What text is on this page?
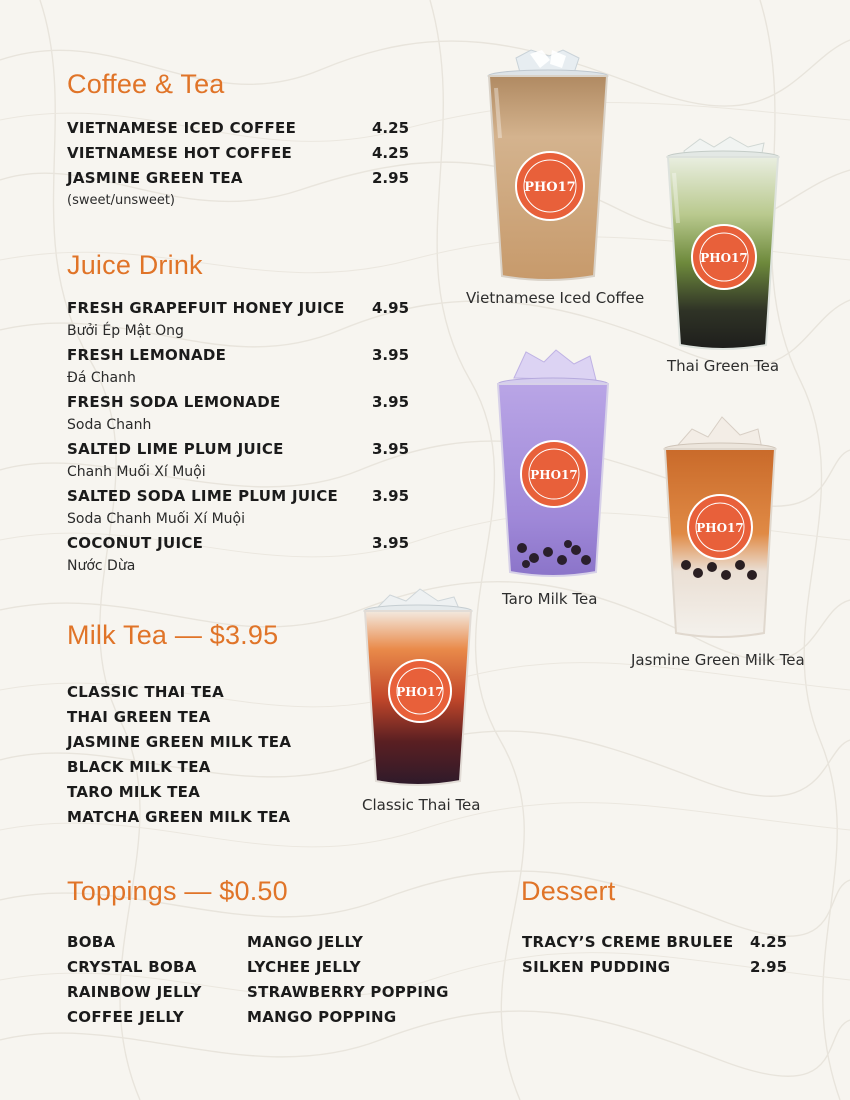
Coffee & Tea
VIETNAMESE ICED COFFEE	4.25
VIETNAMESE HOT COFFEE	4.25
JASMINE GREEN TEA	2.95
(sweet/unsweet)
Juice Drink
FRESH GRAPEFUIT HONEY JUICE 4.95
Bưởi Ép Mật Ong
FRESH LEMONADE	3.95
Đá Chanh
FRESH SODA LEMONADE	3.95
Soda Chanh
SALTED LIME PLUM JUICE	3.95
Chanh Muối Xí Muội
SALTED SODA LIME PLUM JUICE 3.95
Soda Chanh Muối Xí Muội
COCONUT JUICE	3.95
Nước Dừa
Milk Tea — $3.95
CLASSIC THAI TEA
THAI GREEN TEA
JASMINE GREEN MILK TEA
BLACK MILK TEA
TARO MILK TEA
MATCHA GREEN MILK TEA
Toppings — $0.50
BOBA
CRYSTAL BOBA
RAINBOW JELLY
COFFEE JELLY
MANGO JELLY
LYCHEE JELLY
STRAWBERRY POPPING
MANGO POPPING
Dessert
TRACY’S CREME BRULEE 4.25
SILKEN PUDDING	2.95
PHO17
Vietnamese Iced Coffee
PHO17
Thai Green Tea
PHO17
Taro Milk Tea
PHO17
Jasmine Green Milk Tea
PHO17
Classic Thai Tea
